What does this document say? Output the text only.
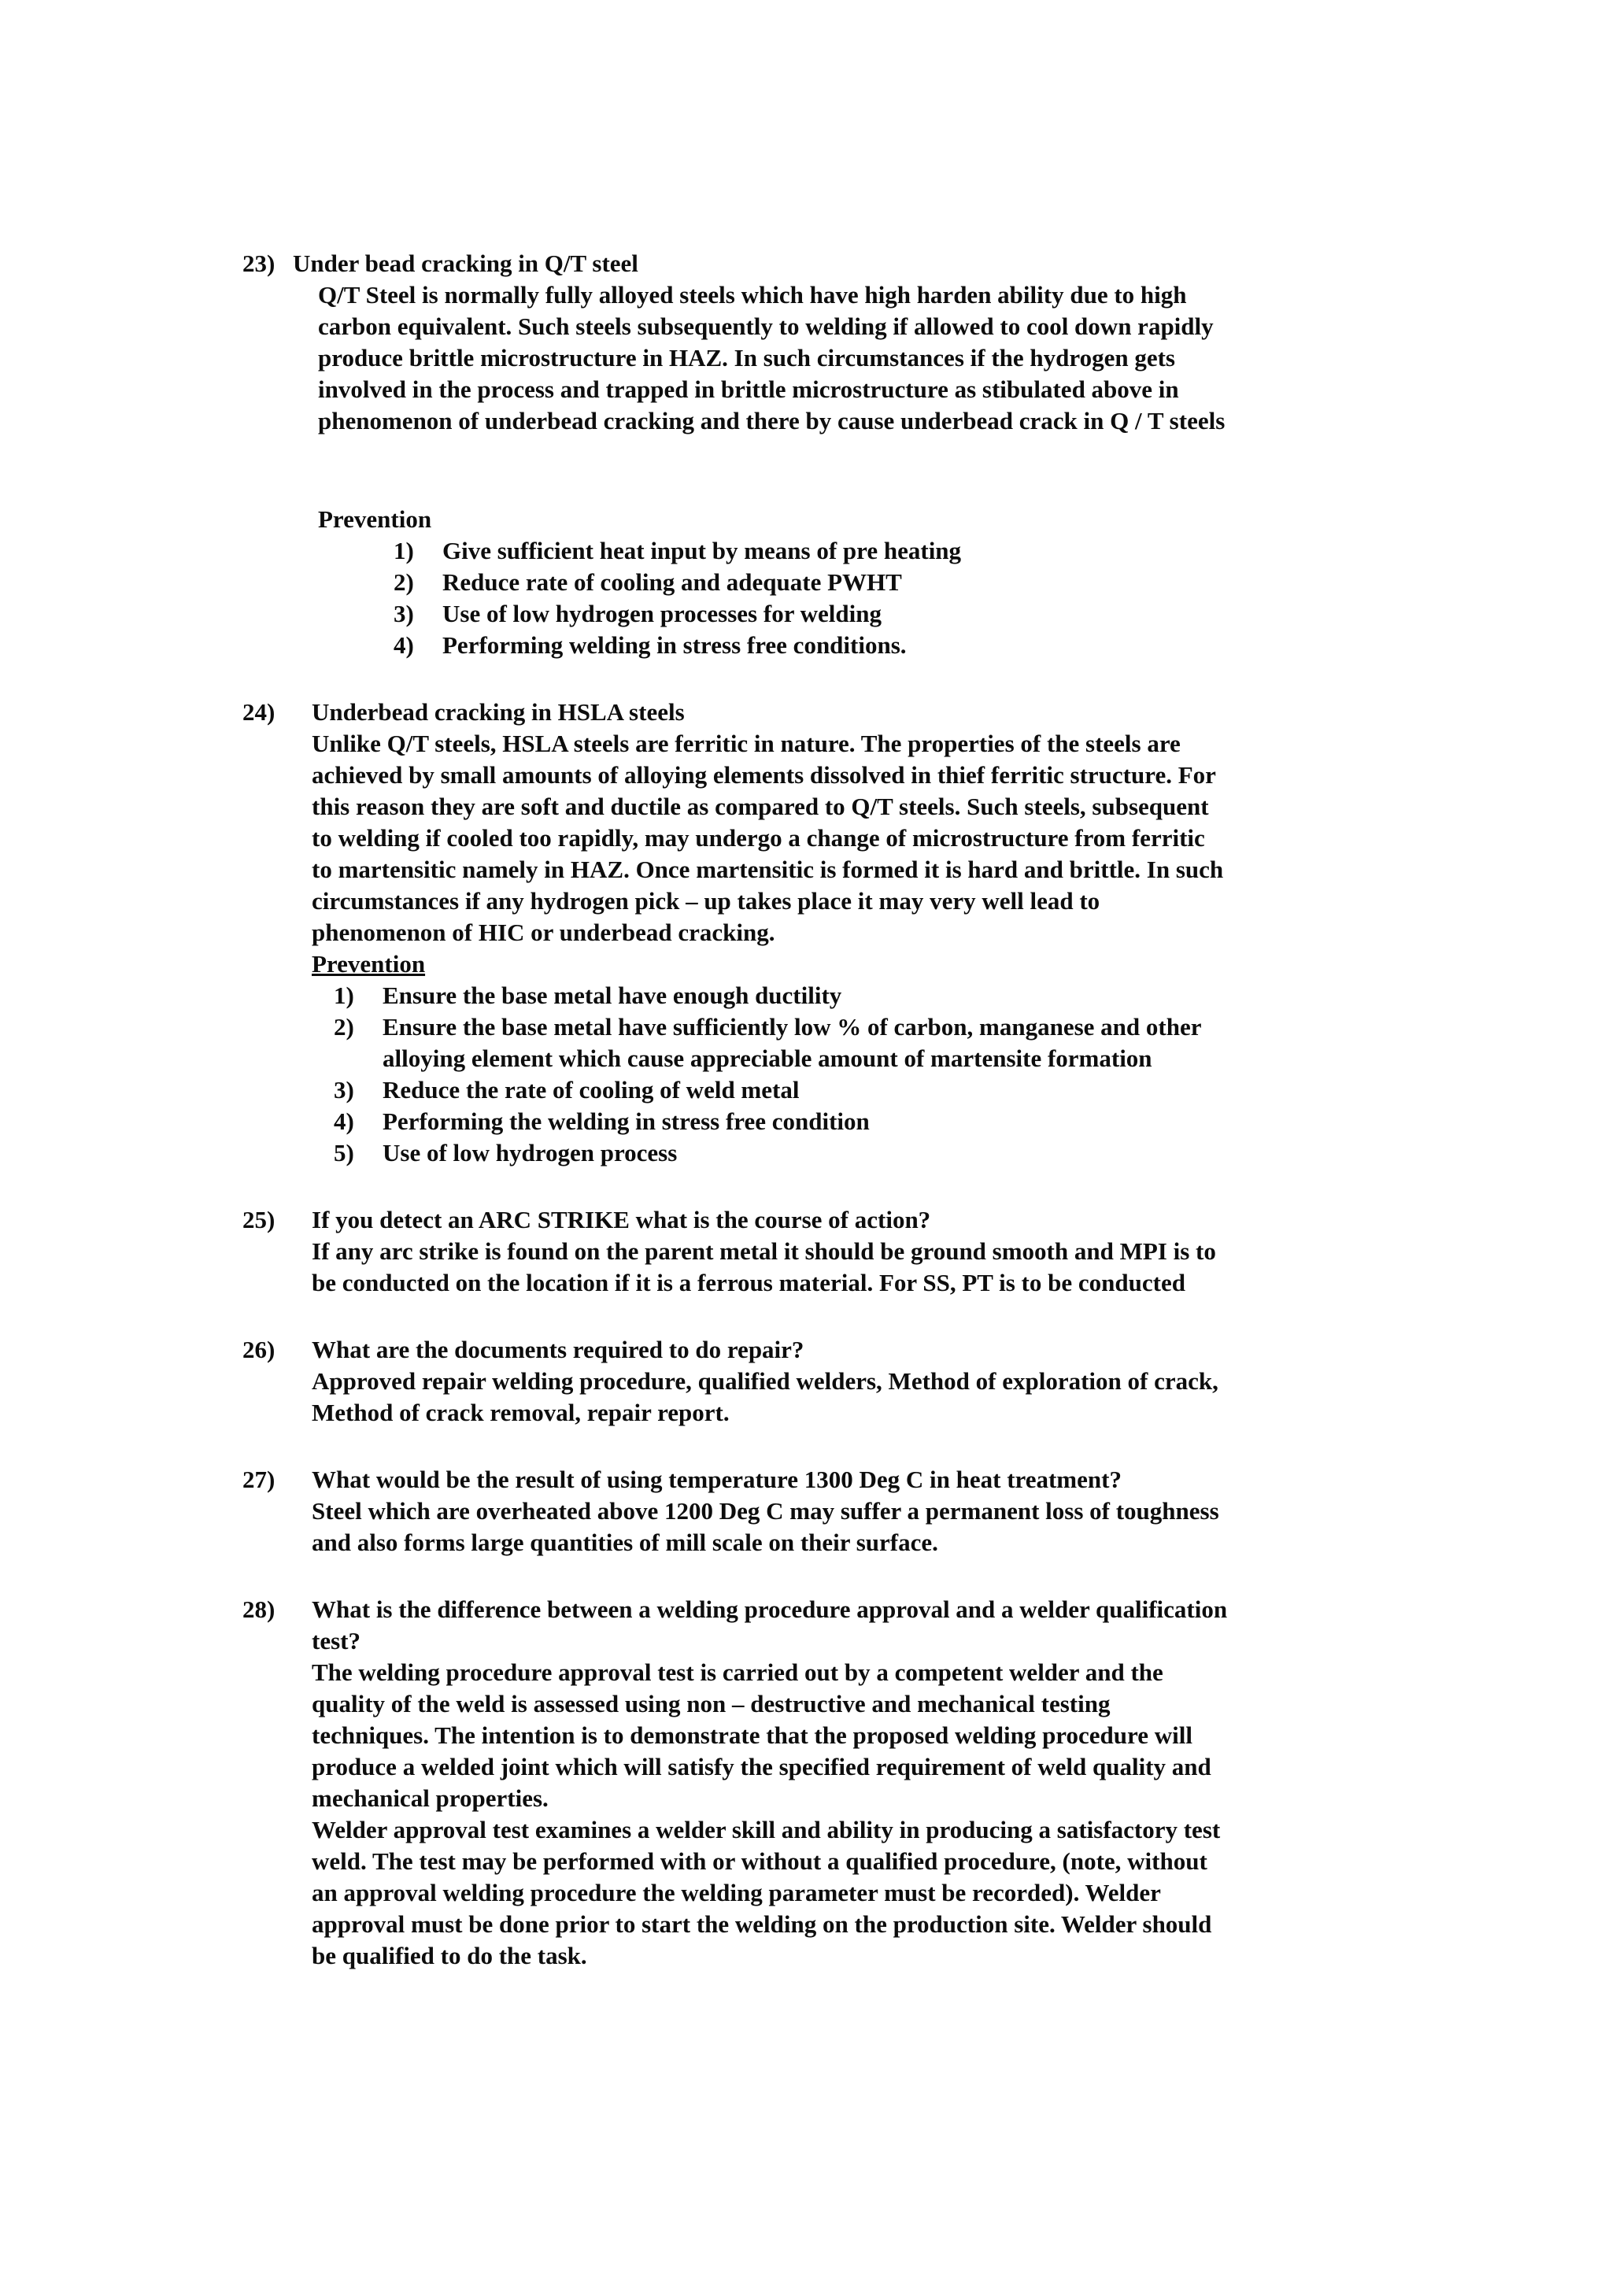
23) Under bead cracking in Q/T steel
Q/T Steel is normally fully alloyed steels which have high harden ability due to high
carbon equivalent. Such steels subsequently to welding if allowed to cool down rapidly
produce brittle microstructure in HAZ. In such circumstances if the hydrogen gets
involved in the process and trapped in brittle microstructure as stibulated above in
phenomenon of underbead cracking and there by cause underbead crack in Q / T steels
Prevention
1) Give sufficient heat input by means of pre heating
2) Reduce rate of cooling and adequate PWHT
3) Use of low hydrogen processes for welding
4) Performing welding in stress free conditions.
24) Underbead cracking in HSLA steels
Unlike Q/T steels, HSLA steels are ferritic in nature. The properties of the steels are
achieved by small amounts of alloying elements dissolved in thief ferritic structure. For
this reason they are soft and ductile as compared to Q/T steels. Such steels, subsequent
to welding if cooled too rapidly, may undergo a change of microstructure from ferritic
to martensitic namely in HAZ. Once martensitic is formed it is hard and brittle. In such
circumstances if any hydrogen pick – up takes place it may very well lead to
phenomenon of HIC or underbead cracking.
Prevention
1) Ensure the base metal have enough ductility
2) Ensure the base metal have sufficiently low % of carbon, manganese and other
alloying element which cause appreciable amount of martensite formation
3) Reduce the rate of cooling of weld metal
4) Performing the welding in stress free condition
5) Use of low hydrogen process
25) If you detect an ARC STRIKE what is the course of action?
If any arc strike is found on the parent metal it should be ground smooth and MPI is to
be conducted on the location if it is a ferrous material. For SS, PT is to be conducted
26) What are the documents required to do repair?
Approved repair welding procedure, qualified welders, Method of exploration of crack,
Method of crack removal, repair report.
27) What would be the result of using temperature 1300 Deg C in heat treatment?
Steel which are overheated above 1200 Deg C may suffer a permanent loss of toughness
and also forms large quantities of mill scale on their surface.
28) What is the difference between a welding procedure approval and a welder qualification
test?
The welding procedure approval test is carried out by a competent welder and the
quality of the weld is assessed using non – destructive and mechanical testing
techniques. The intention is to demonstrate that the proposed welding procedure will
produce a welded joint which will satisfy the specified requirement of weld quality and
mechanical properties.
Welder approval test examines a welder skill and ability in producing a satisfactory test
weld. The test may be performed with or without a qualified procedure, (note, without
an approval welding procedure the welding parameter must be recorded). Welder
approval must be done prior to start the welding on the production site. Welder should
be qualified to do the task.
